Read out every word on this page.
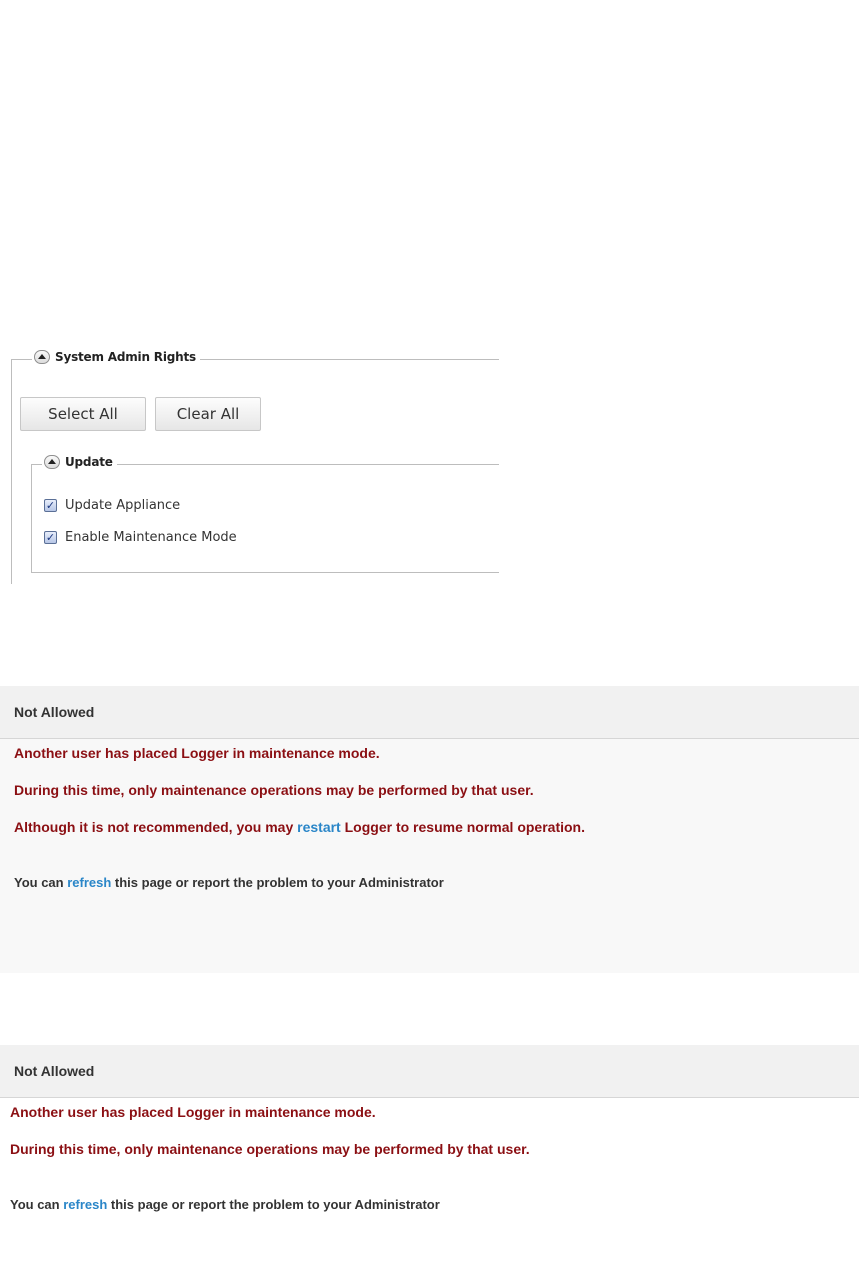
System Admin Rights
Select All	Clear All
Update
✓ Update Appliance
✓ Enable Maintenance Mode
Not Allowed
Another user has placed Logger in maintenance mode.
During this time, only maintenance operations may be performed by that user.
Although it is not recommended, you may restart Logger to resume normal operation.
You can refresh this page or report the problem to your Administrator
Not Allowed
Another user has placed Logger in maintenance mode.
During this time, only maintenance operations may be performed by that user.
You can refresh this page or report the problem to your Administrator
